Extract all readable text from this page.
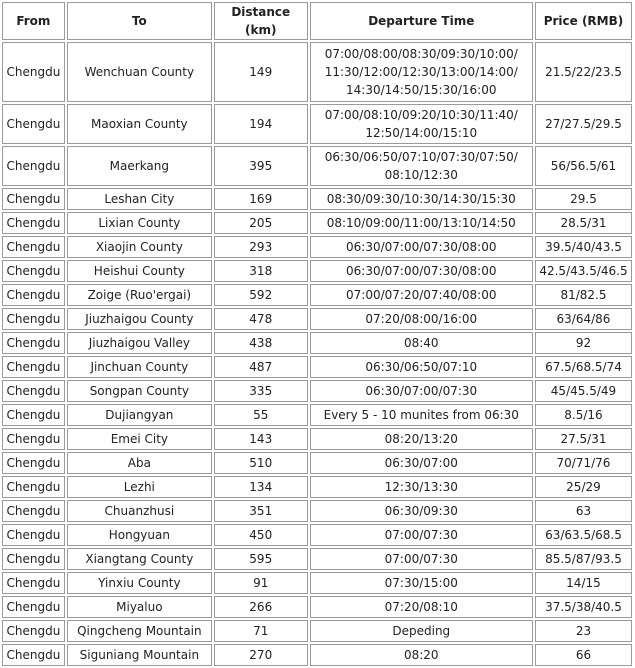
From	To	Distance (km)	Departure Time	Price (RMB)
Chengdu	Wenchuan County	149	07:00/08:00/08:30/09:30/10:00/ 11:30/12:00/12:30/13:00/14:00/ 14:30/14:50/15:30/16:00	21.5/22/23.5
Chengdu	Maoxian County	194	07:00/08:10/09:20/10:30/11:40/ 12:50/14:00/15:10	27/27.5/29.5
Chengdu	Maerkang	395	06:30/06:50/07:10/07:30/07:50/ 08:10/12:30	56/56.5/61
Chengdu	Leshan City	169	08:30/09:30/10:30/14:30/15:30	29.5
Chengdu	Lixian County	205	08:10/09:00/11:00/13:10/14:50	28.5/31
Chengdu	Xiaojin County	293	06:30/07:00/07:30/08:00	39.5/40/43.5
Chengdu	Heishui County	318	06:30/07:00/07:30/08:00	42.5/43.5/46.5
Chengdu	Zoige (Ruo'ergai)	592	07:00/07:20/07:40/08:00	81/82.5
Chengdu	Jiuzhaigou County	478	07:20/08:00/16:00	63/64/86
Chengdu	Jiuzhaigou Valley	438	08:40	92
Chengdu	Jinchuan County	487	06:30/06:50/07:10	67.5/68.5/74
Chengdu	Songpan County	335	06:30/07:00/07:30	45/45.5/49
Chengdu	Dujiangyan	55	Every 5 - 10 munites from 06:30	8.5/16
Chengdu	Emei City	143	08:20/13:20	27.5/31
Chengdu	Aba	510	06:30/07:00	70/71/76
Chengdu	Lezhi	134	12:30/13:30	25/29
Chengdu	Chuanzhusi	351	06:30/09:30	63
Chengdu	Hongyuan	450	07:00/07:30	63/63.5/68.5
Chengdu	Xiangtang County	595	07:00/07:30	85.5/87/93.5
Chengdu	Yinxiu County	91	07:30/15:00	14/15
Chengdu	Miyaluo	266	07:20/08:10	37.5/38/40.5
Chengdu	Qingcheng Mountain	71	Depeding	23
Chengdu	Siguniang Mountain	270	08:20	66
